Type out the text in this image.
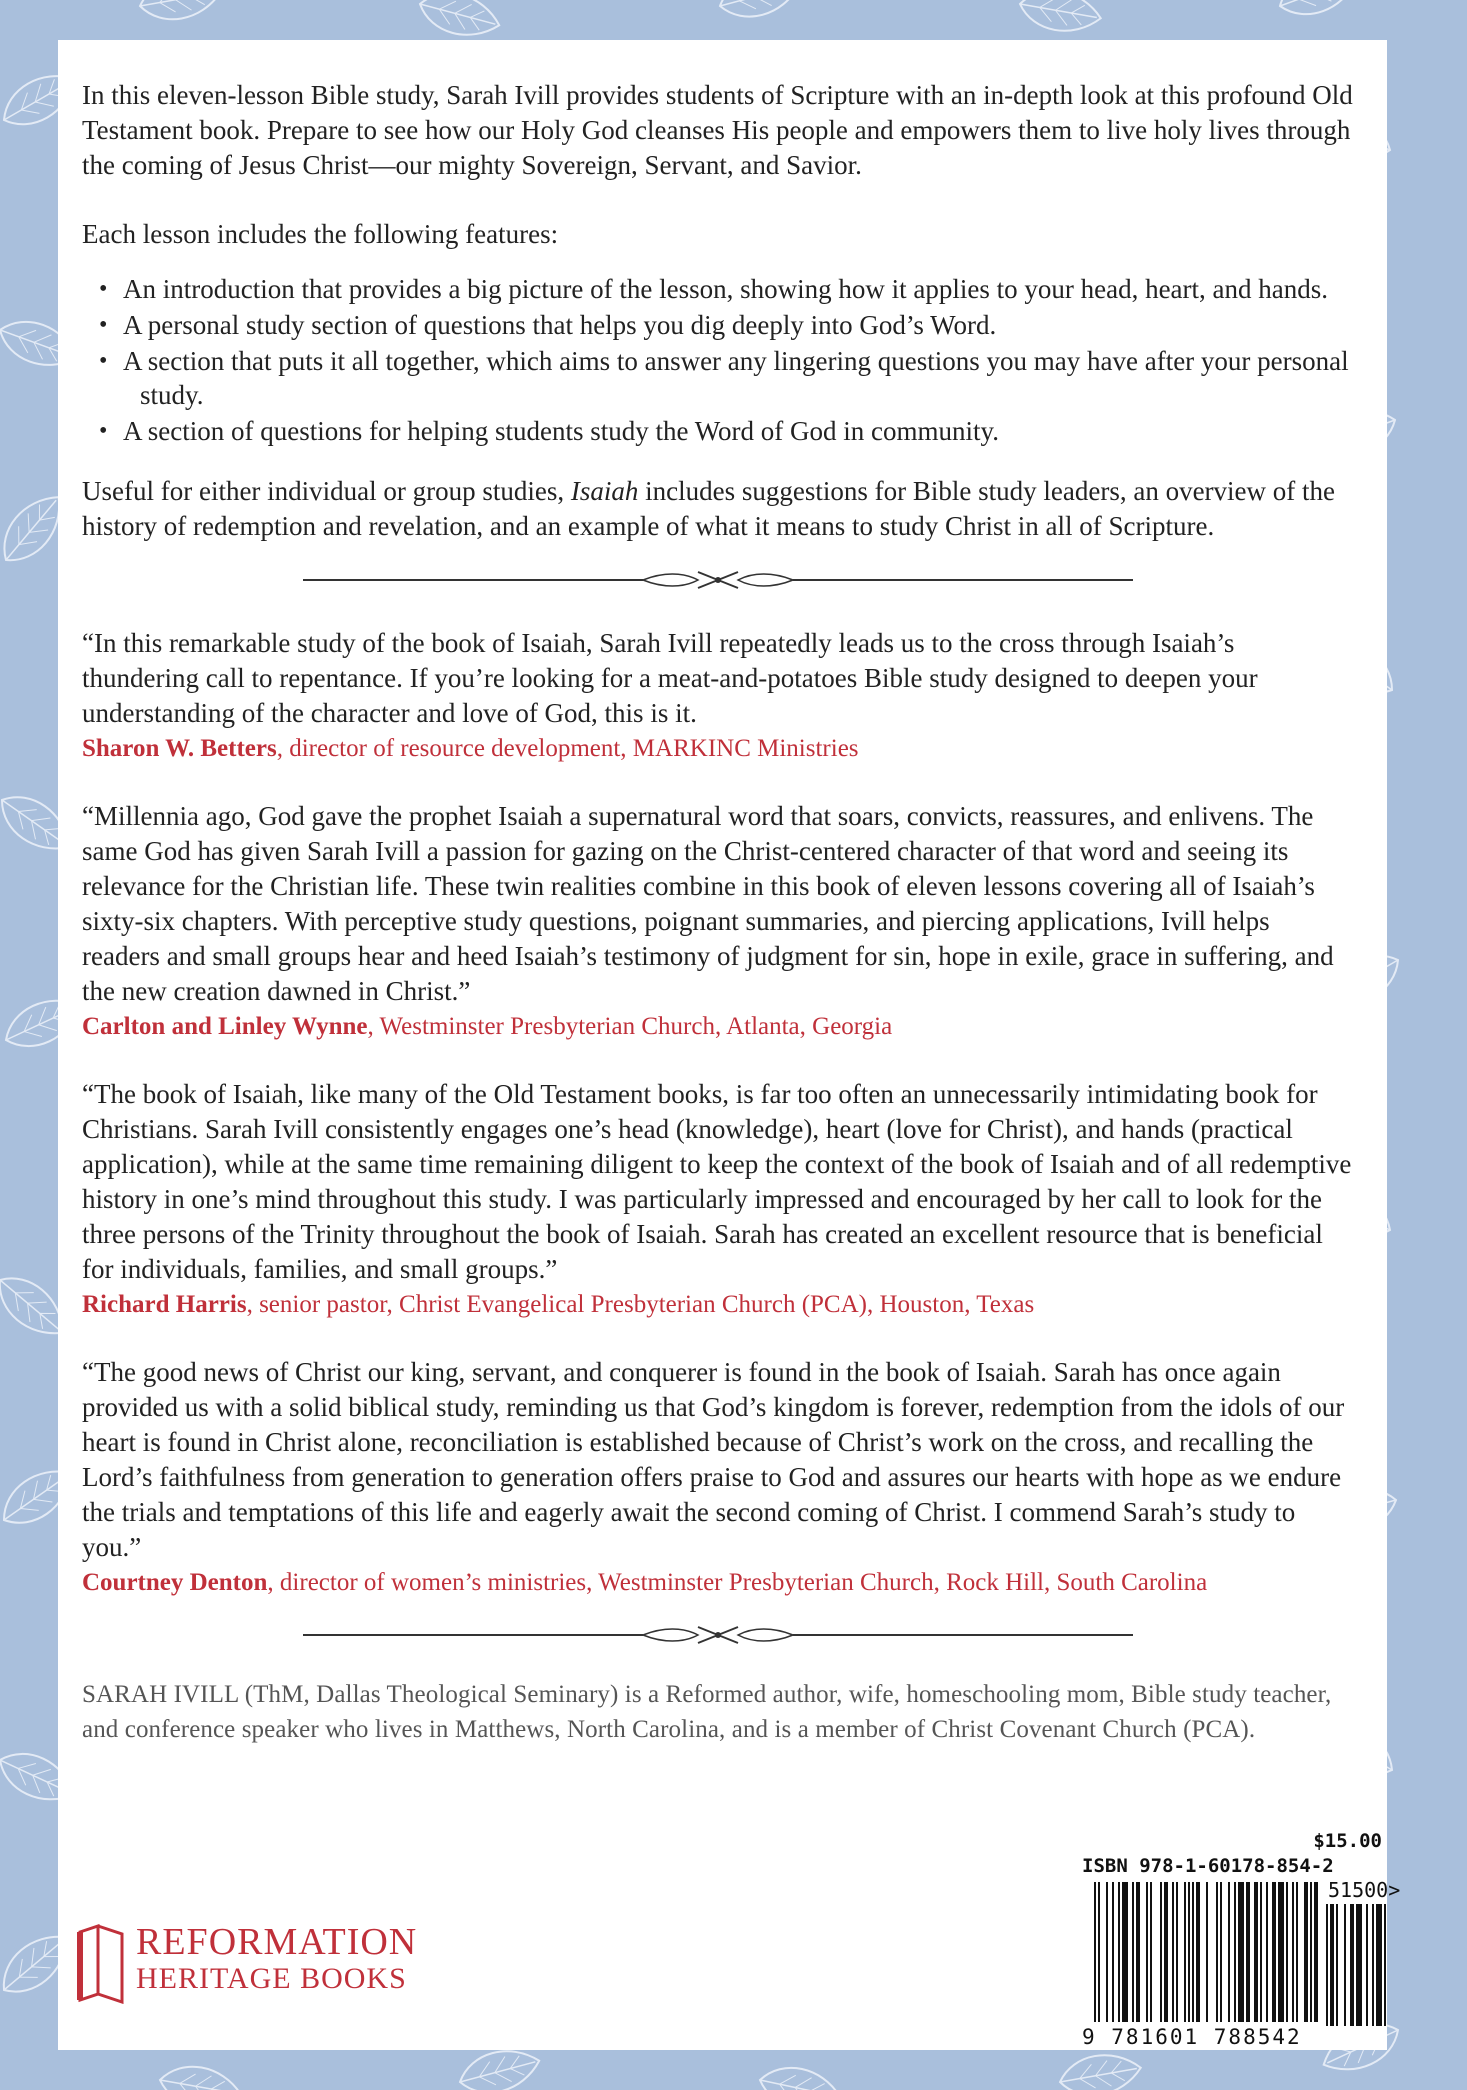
In this eleven-lesson Bible study, Sarah Ivill provides students of Scripture with an in-depth look at this profound Old Testament book. Prepare to see how our Holy God cleanses His people and empowers them to live holy lives through the coming of Jesus Christ—our mighty Sovereign, Servant, and Savior.

Each lesson includes the following features:

• An introduction that provides a big picture of the lesson, showing how it applies to your head, heart, and hands.
• A personal study section of questions that helps you dig deeply into God’s Word.
• A section that puts it all together, which aims to answer any lingering questions you may have after your personal study.
• A section of questions for helping students study the Word of God in community.

Useful for either individual or group studies, Isaiah includes suggestions for Bible study leaders, an overview of the history of redemption and revelation, and an example of what it means to study Christ in all of Scripture.

“In this remarkable study of the book of Isaiah, Sarah Ivill repeatedly leads us to the cross through Isaiah’s thundering call to repentance. If you’re looking for a meat-and-potatoes Bible study designed to deepen your understanding of the character and love of God, this is it.

Sharon W. Betters, director of resource development, MARKINC Ministries

“Millennia ago, God gave the prophet Isaiah a supernatural word that soars, convicts, reassures, and enlivens. The same God has given Sarah Ivill a passion for gazing on the Christ-centered character of that word and seeing its relevance for the Christian life. These twin realities combine in this book of eleven lessons covering all of Isaiah’s sixty-six chapters. With perceptive study questions, poignant summaries, and piercing applications, Ivill helps readers and small groups hear and heed Isaiah’s testimony of judgment for sin, hope in exile, grace in suffering, and the new creation dawned in Christ.”

Carlton and Linley Wynne, Westminster Presbyterian Church, Atlanta, Georgia

“The book of Isaiah, like many of the Old Testament books, is far too often an unnecessarily intimidating book for Christians. Sarah Ivill consistently engages one’s head (knowledge), heart (love for Christ), and hands (practical application), while at the same time remaining diligent to keep the context of the book of Isaiah and of all redemptive history in one’s mind throughout this study. I was particularly impressed and encouraged by her call to look for the three persons of the Trinity throughout the book of Isaiah. Sarah has created an excellent resource that is beneficial for individuals, families, and small groups.”

Richard Harris, senior pastor, Christ Evangelical Presbyterian Church (PCA), Houston, Texas

“The good news of Christ our king, servant, and conquerer is found in the book of Isaiah. Sarah has once again provided us with a solid biblical study, reminding us that God’s kingdom is forever, redemption from the idols of our heart is found in Christ alone, reconciliation is established because of Christ’s work on the cross, and recalling the Lord’s faithfulness from generation to generation offers praise to God and assures our hearts with hope as we endure the trials and temptations of this life and eagerly await the second coming of Christ. I commend Sarah’s study to you.”

Courtney Denton, director of women’s ministries, Westminster Presbyterian Church, Rock Hill, South Carolina

SARAH IVILL (ThM, Dallas Theological Seminary) is a Reformed author, wife, homeschooling mom, Bible study teacher, and conference speaker who lives in Matthews, North Carolina, and is a member of Christ Covenant Church (PCA).

REFORMATION
HERITAGE BOOKS
$15.00
ISBN 978-1-60178-854-2
51500>
9 781601 788542
